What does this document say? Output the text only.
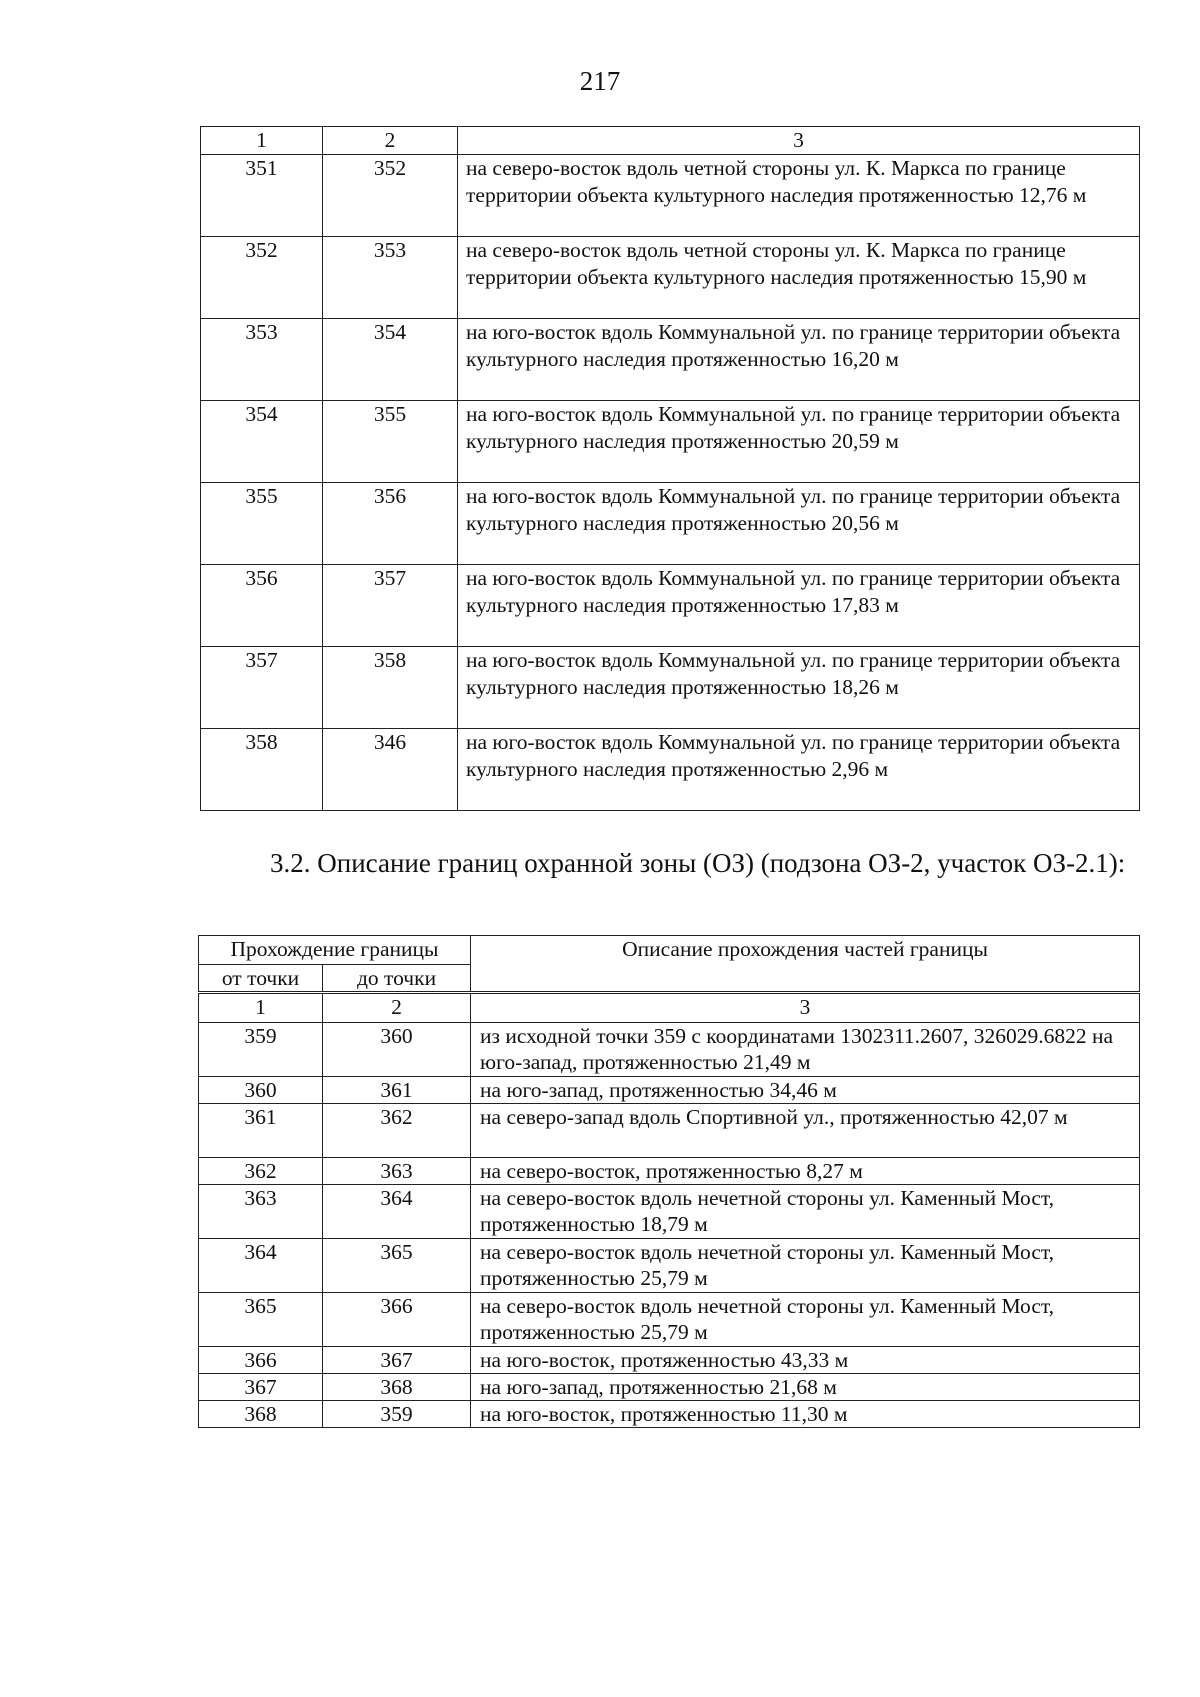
217
1	2	3
351	352	на северо-восток вдоль четной стороны ул. К. Маркса по границе территории объекта культурного наследия протяженностью 12,76 м
352	353	на северо-восток вдоль четной стороны ул. К. Маркса по границе территории объекта культурного наследия протяженностью 15,90 м
353	354	на юго-восток вдоль Коммунальной ул. по границе территории объекта культурного наследия протяженностью 16,20 м
354	355	на юго-восток вдоль Коммунальной ул. по границе территории объекта культурного наследия протяженностью 20,59 м
355	356	на юго-восток вдоль Коммунальной ул. по границе территории объекта культурного наследия протяженностью 20,56 м
356	357	на юго-восток вдоль Коммунальной ул. по границе территории объекта культурного наследия протяженностью 17,83 м
357	358	на юго-восток вдоль Коммунальной ул. по границе территории объекта культурного наследия протяженностью 18,26 м
358	346	на юго-восток вдоль Коммунальной ул. по границе территории объекта культурного наследия протяженностью 2,96 м
3.2. Описание границ охранной зоны (ОЗ) (подзона ОЗ-2, участок ОЗ-2.1):
Прохождение границы		Описание прохождения частей границы
от точки	до точки	
1	2	3
359	360	из исходной точки 359 с координатами 1302311.2607, 326029.6822 на юго-запад, протяженностью 21,49 м
360	361	на юго-запад, протяженностью 34,46 м
361	362	на северо-запад вдоль Спортивной ул., протяженностью 42,07 м
362	363	на северо-восток, протяженностью 8,27 м
363	364	на северо-восток вдоль нечетной стороны ул. Каменный Мост, протяженностью 18,79 м
364	365	на северо-восток вдоль нечетной стороны ул. Каменный Мост, протяженностью 25,79 м
365	366	на северо-восток вдоль нечетной стороны ул. Каменный Мост, протяженностью 25,79 м
366	367	на юго-восток, протяженностью 43,33 м
367	368	на юго-запад, протяженностью 21,68 м
368	359	на юго-восток, протяженностью 11,30 м
